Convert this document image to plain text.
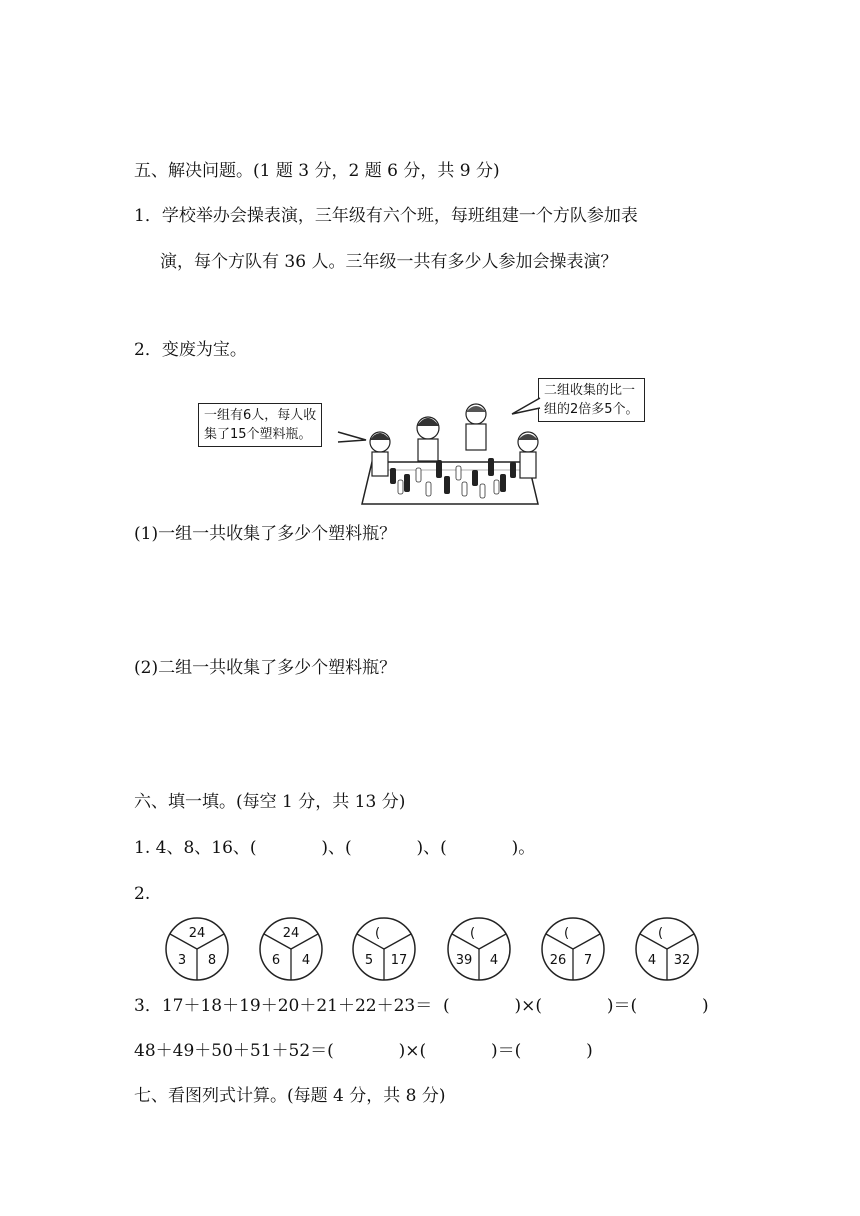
五、解决问题。(1 题 3 分，2 题 6 分，共 9 分)
1．学校举办会操表演，三年级有六个班，每班组建一个方队参加表
演，每个方队有 36 人。三年级一共有多少人参加会操表演？
2．变废为宝。
一组有6人，每人收
集了15个塑料瓶。
二组收集的比一
组的2倍多5个。
(1)一组一共收集了多少个塑料瓶？
(2)二组一共收集了多少个塑料瓶？
六、填一填。(每空 1 分，共 13 分)
1. 4、8、16、(            )、(            )、(            )。
2.
24
3 8
24
6 4
(
5 17
(
39 4
(
26 7
(
4 32
3．17＋18＋19＋20＋21＋22＋23＝  (            )×(            )＝(            )
48＋49＋50＋51＋52＝(            )×(            )＝(            )
七、看图列式计算。(每题 4 分，共 8 分)
